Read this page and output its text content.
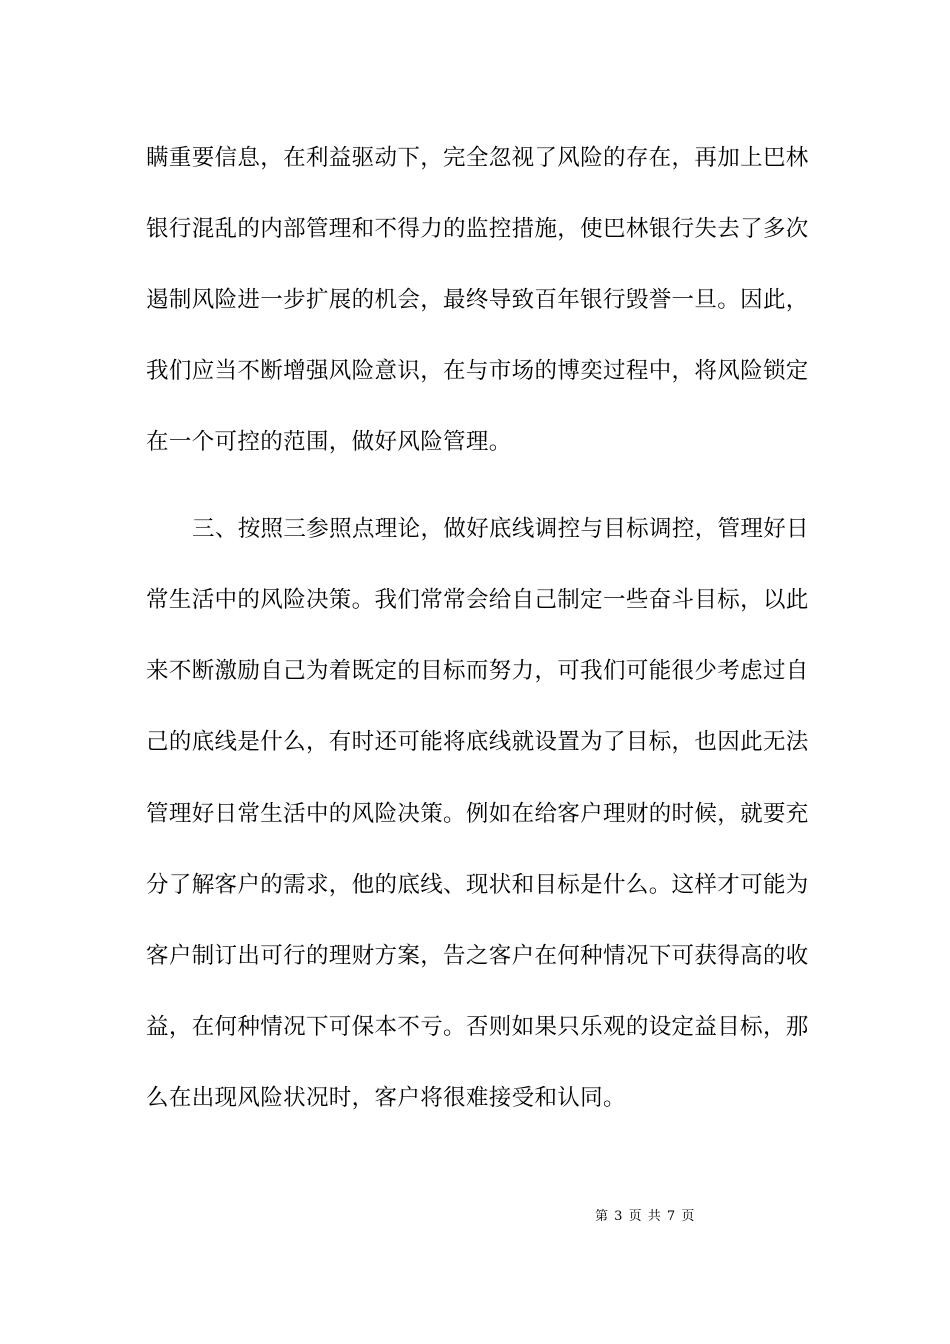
瞒重要信息，在利益驱动下，完全忽视了风险的存在，再加上巴林
银行混乱的内部管理和不得力的监控措施，使巴林银行失去了多次
遏制风险进一步扩展的机会，最终导致百年银行毁誉一旦。因此，
我们应当不断增强风险意识，在与市场的博奕过程中，将风险锁定
在一个可控的范围，做好风险管理。
三、按照三参照点理论，做好底线调控与目标调控，管理好日
常生活中的风险决策。我们常常会给自己制定一些奋斗目标，以此
来不断激励自己为着既定的目标而努力，可我们可能很少考虑过自
己的底线是什么，有时还可能将底线就设置为了目标，也因此无法
管理好日常生活中的风险决策。例如在给客户理财的时候，就要充
分了解客户的需求，他的底线、现状和目标是什么。这样才可能为
客户制订出可行的理财方案，告之客户在何种情况下可获得高的收
益，在何种情况下可保本不亏。否则如果只乐观的设定益目标，那
么在出现风险状况时，客户将很难接受和认同。
第 3 页 共 7 页
